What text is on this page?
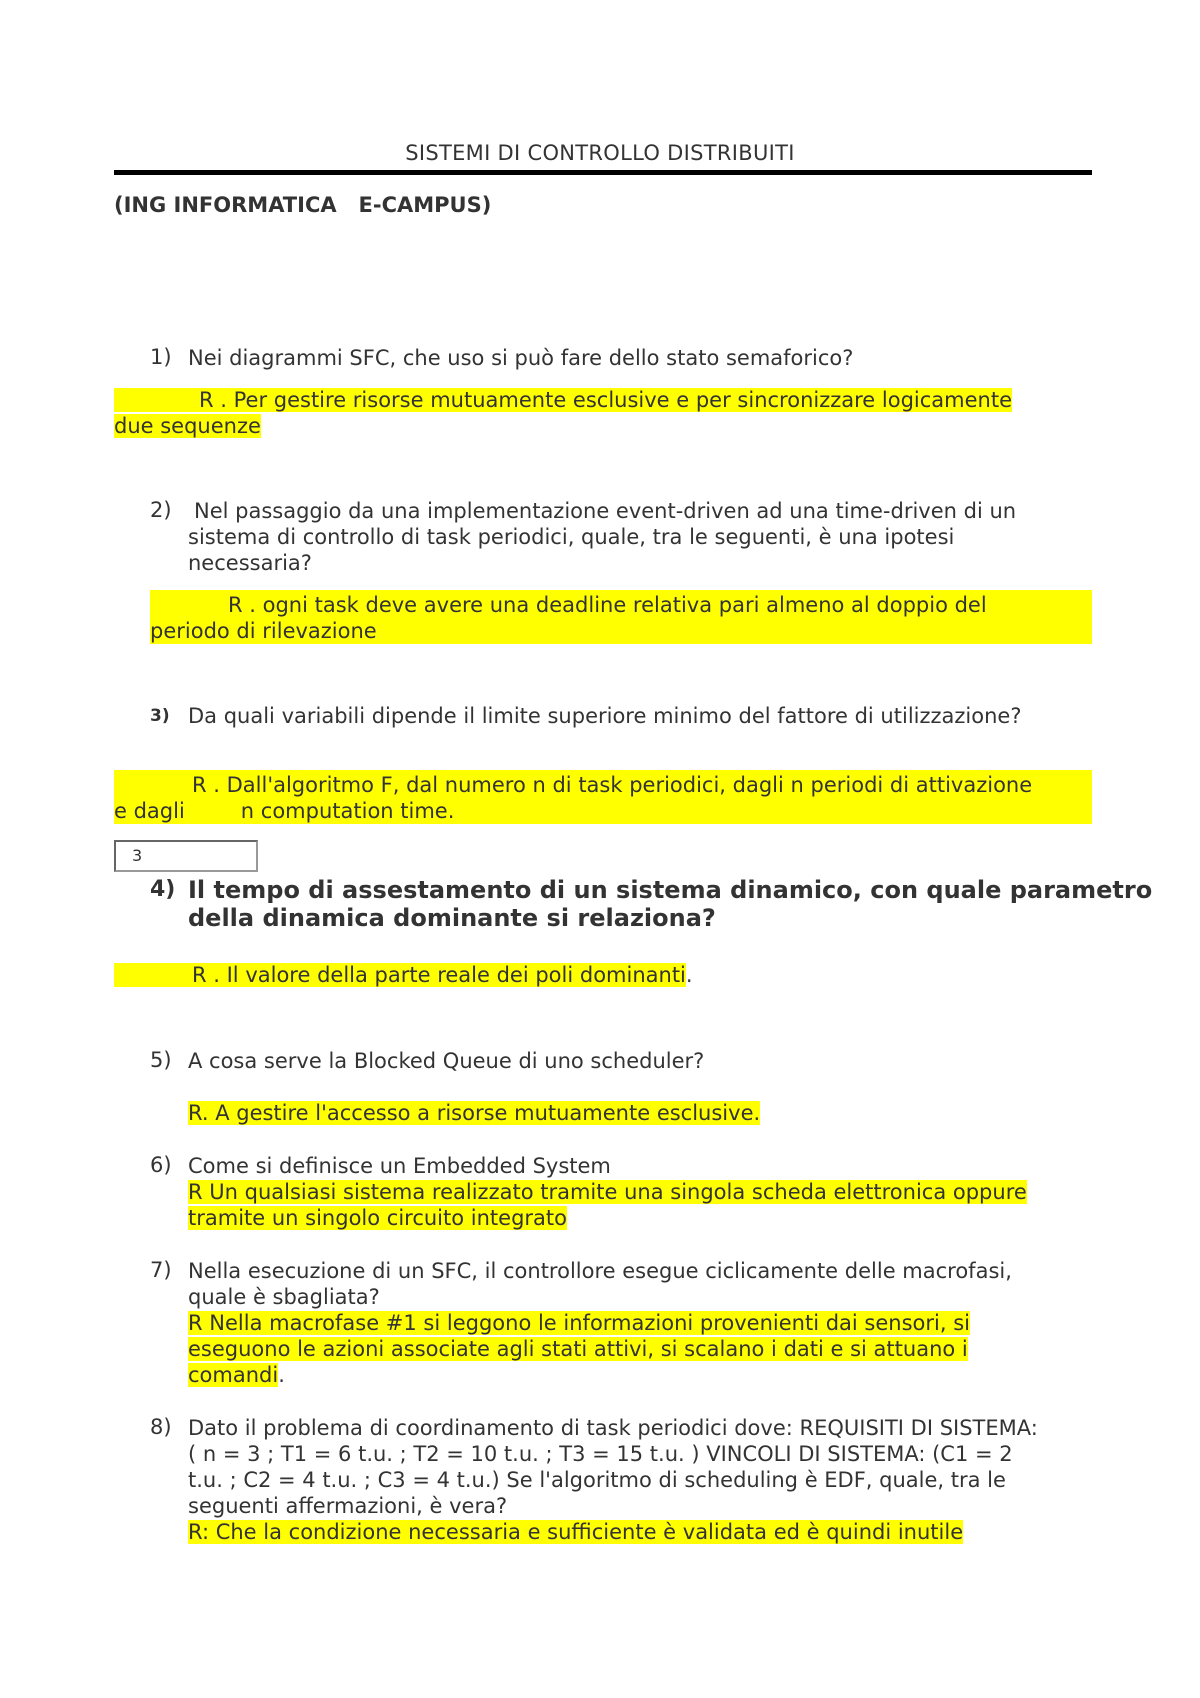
SISTEMI DI CONTROLLO DISTRIBUITI
(ING INFORMATICA   E-CAMPUS)
1) Nei diagrammi SFC, che uso si può fare dello stato semaforico?
R . Per gestire risorse mutuamente esclusive e per sincronizzare logicamente
due sequenze
2) Nel passaggio da una implementazione event-driven ad una time-driven di un
sistema di controllo di task periodici, quale, tra le seguenti, è una ipotesi
necessaria?
R . ogni task deve avere una deadline relativa pari almeno al doppio del
periodo di rilevazione
3) Da quali variabili dipende il limite superiore minimo del fattore di utilizzazione?
R . Dall'algoritmo F, dal numero n di task periodici, dagli n periodi di attivazione
e dagli	n computation time.
3
4) Il tempo di assestamento di un sistema dinamico, con quale parametro
della dinamica dominante si relaziona?
R . Il valore della parte reale dei poli dominanti.
5) A cosa serve la Blocked Queue di uno scheduler?
R. A gestire l'accesso a risorse mutuamente esclusive.
6) Come si definisce un Embedded System
R Un qualsiasi sistema realizzato tramite una singola scheda elettronica oppure
tramite un singolo circuito integrato
7) Nella esecuzione di un SFC, il controllore esegue ciclicamente delle macrofasi,
quale è sbagliata?
R Nella macrofase #1 si leggono le informazioni provenienti dai sensori, si
eseguono le azioni associate agli stati attivi, si scalano i dati e si attuano i
comandi.
8) Dato il problema di coordinamento di task periodici dove: REQUISITI DI SISTEMA:
( n = 3 ; T1 = 6 t.u. ; T2 = 10 t.u. ; T3 = 15 t.u. ) VINCOLI DI SISTEMA: (C1 = 2
t.u. ; C2 = 4 t.u. ; C3 = 4 t.u.) Se l'algoritmo di scheduling è EDF, quale, tra le
seguenti affermazioni, è vera?
R: Che la condizione necessaria e sufficiente è validata ed è quindi inutile
